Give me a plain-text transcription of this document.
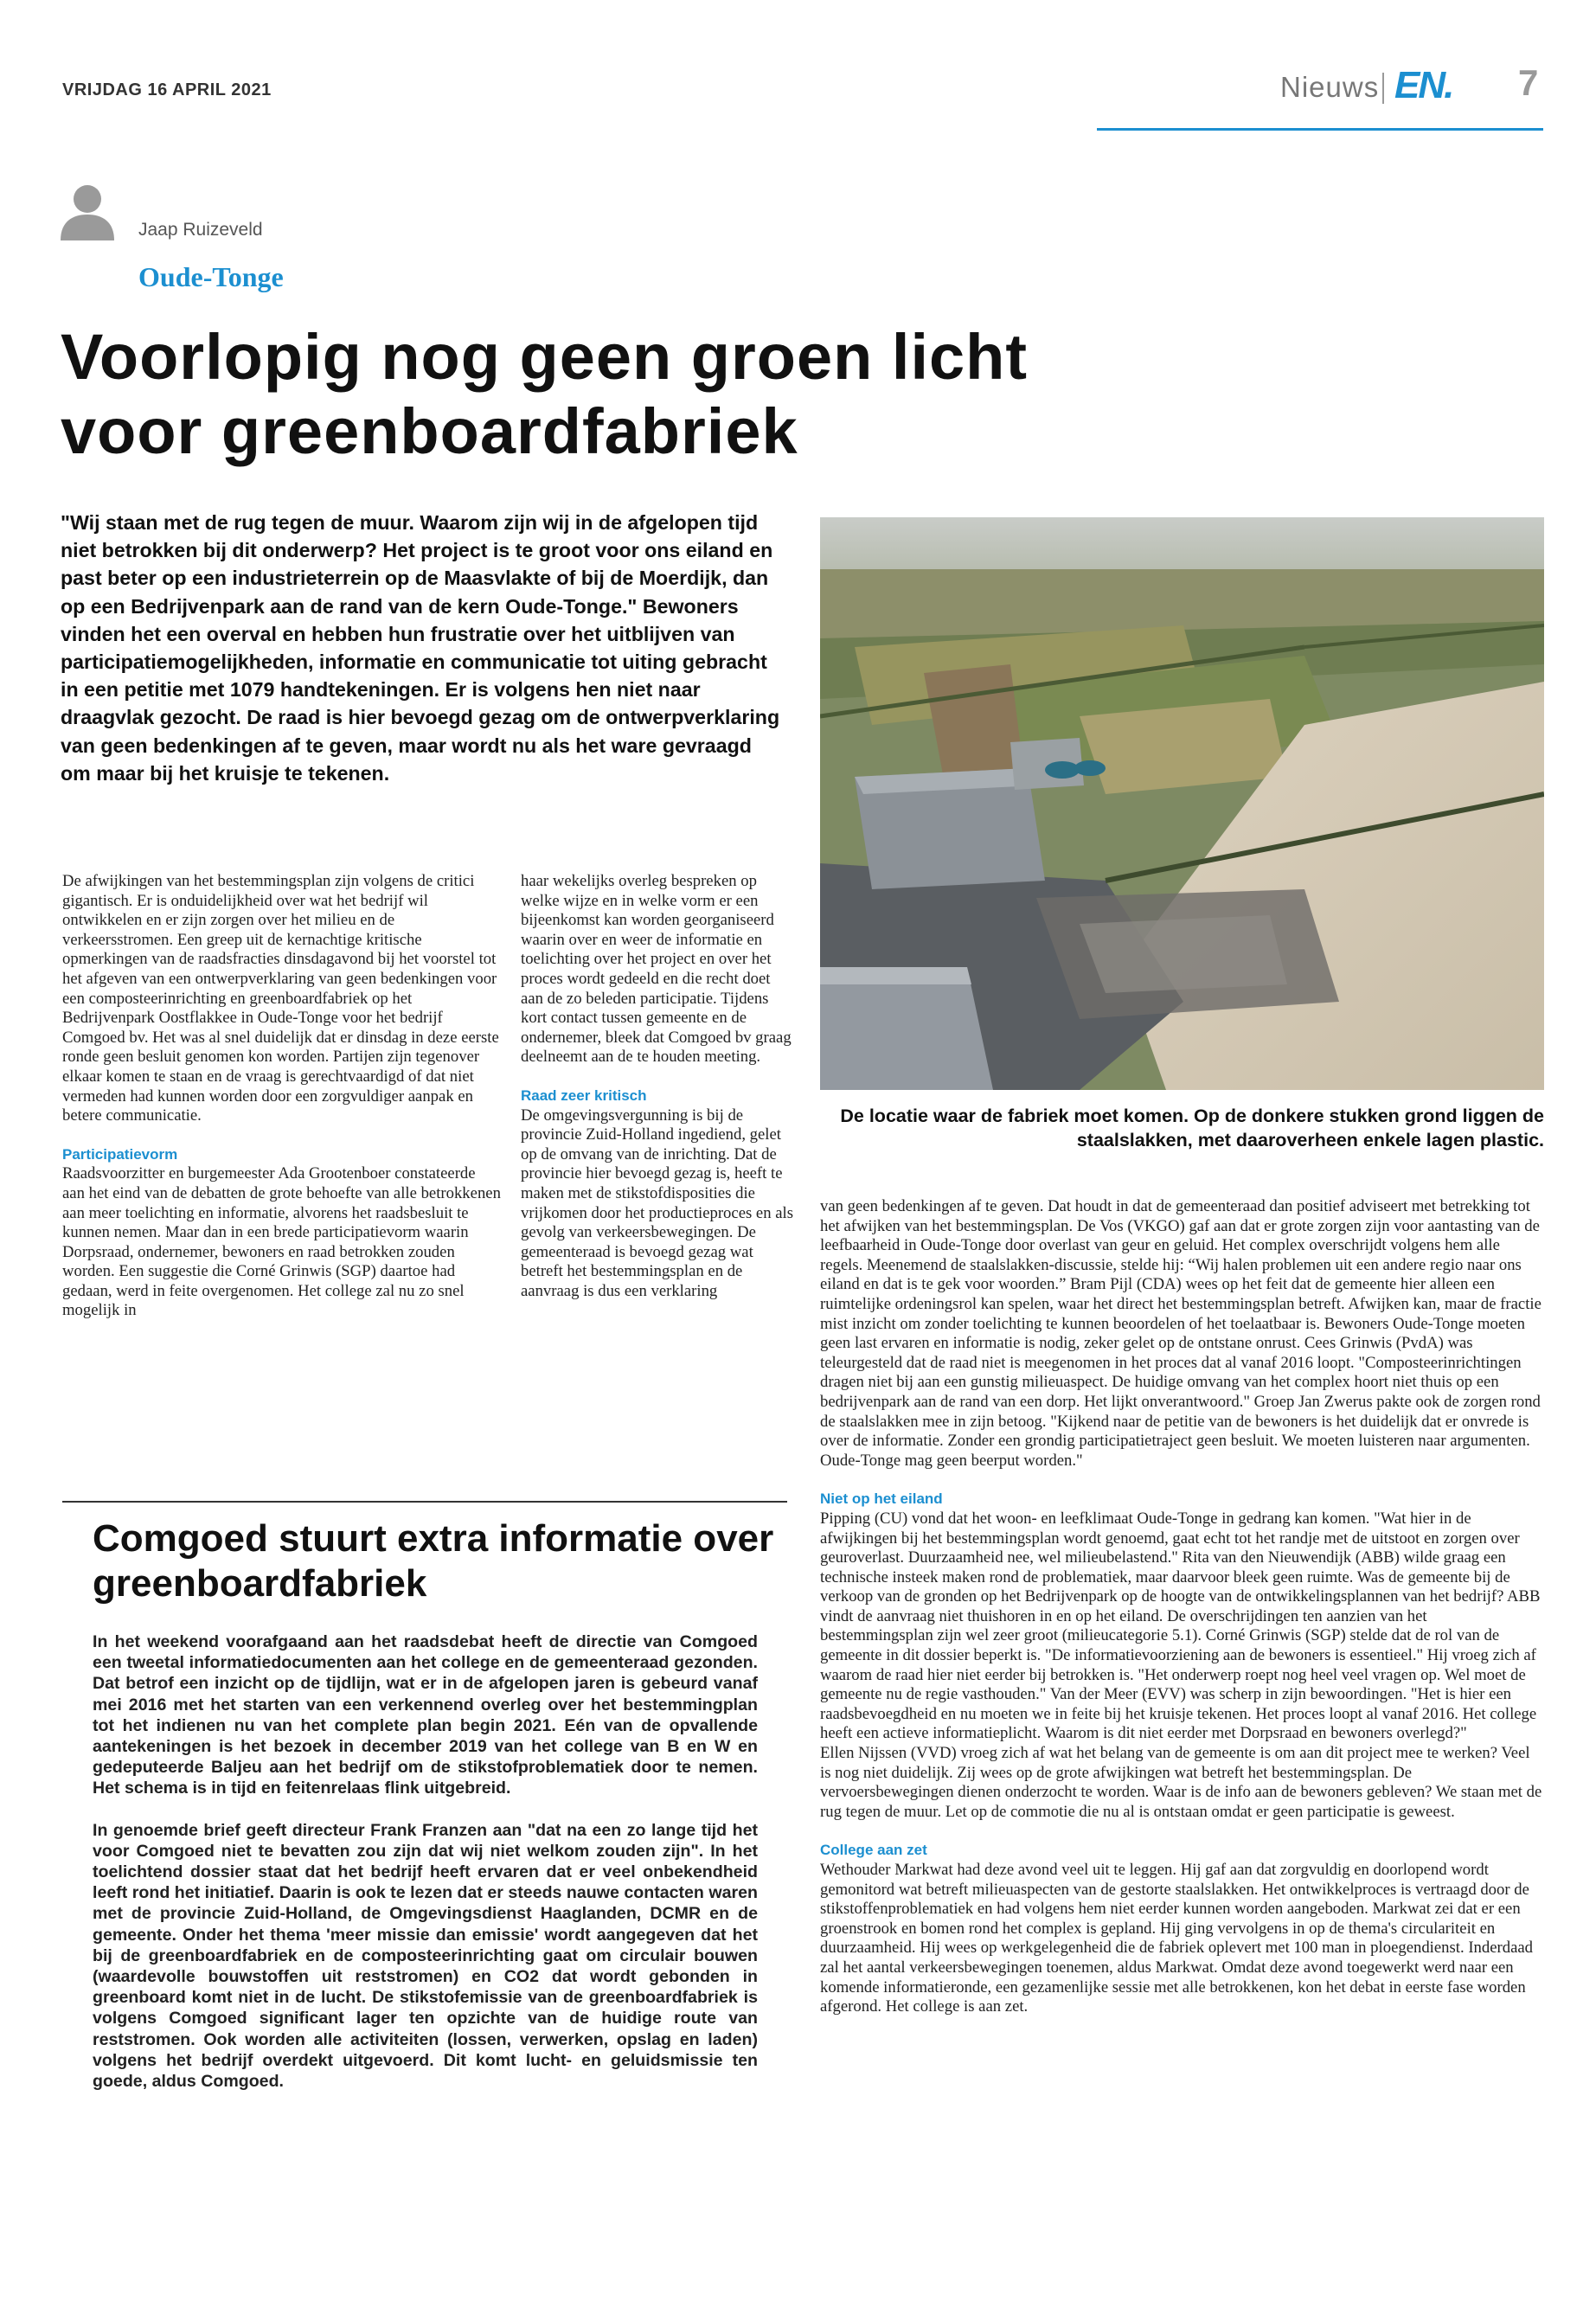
VRIJDAG 16 APRIL 2021	Nieuws EN. 7
Jaap Ruizeveld
Oude-Tonge
Voorlopig nog geen groen licht voor greenboardfabriek
"Wij staan met de rug tegen de muur. Waarom zijn wij in de afgelopen tijd niet betrokken bij dit onderwerp? Het project is te groot voor ons eiland en past beter op een industrieterrein op de Maasvlakte of bij de Moerdijk, dan op een Bedrijvenpark aan de rand van de kern Oude-Tonge." Bewoners vinden het een overval en hebben hun frustratie over het uitblijven van participatiemogelijkheden, informatie en communicatie tot uiting gebracht in een petitie met 1079 handtekeningen. Er is volgens hen niet naar draagvlak gezocht. De raad is hier bevoegd gezag om de ontwerpverklaring van geen bedenkingen af te geven, maar wordt nu als het ware gevraagd om maar bij het kruisje te tekenen.
De locatie waar de fabriek moet komen. Op de donkere stukken grond liggen de staalslakken, met daaroverheen enkele lagen plastic.

De afwijkingen van het bestemmingsplan zijn volgens de critici gigantisch. Er is onduidelijkheid over wat het bedrijf wil ontwikkelen en er zijn zorgen over het milieu en de verkeersstromen. Een greep uit de kernachtige kritische opmerkingen van de raadsfracties dinsdagavond bij het voorstel tot het afgeven van een ontwerpverklaring van geen bedenkingen voor een composteerinrichting en greenboardfabriek op het Bedrijvenpark Oostflakkee in Oude-Tonge voor het bedrijf Comgoed bv. Het was al snel duidelijk dat er dinsdag in deze eerste ronde geen besluit genomen kon worden. Partijen zijn tegenover elkaar komen te staan en de vraag is gerechtvaardigd of dat niet vermeden had kunnen worden door een zorgvuldiger aanpak en betere communicatie.

Participatievorm

Raadsvoorzitter en burgemeester Ada Grootenboer constateerde aan het eind van de debatten de grote behoefte van alle betrokkenen aan meer toelichting en informatie, alvorens het raadsbesluit te kunnen nemen. Maar dan in een brede participatievorm waarin Dorpsraad, ondernemer, bewoners en raad betrokken zouden worden. Een suggestie die Corné Grinwis (SGP) daartoe had gedaan, werd in feite overgenomen. Het college zal nu zo snel mogelijk in

haar wekelijks overleg bespreken op welke wijze en in welke vorm er een bijeenkomst kan worden georganiseerd waarin over en weer de informatie en toelichting over het project en over het proces wordt gedeeld en die recht doet aan de zo beleden participatie. Tijdens kort contact tussen gemeente en de ondernemer, bleek dat Comgoed bv graag deelneemt aan de te houden meeting.

Raad zeer kritisch

De omgevingsvergunning is bij de provincie Zuid-Holland ingediend, gelet op de omvang van de inrichting. Dat de provincie hier bevoegd gezag is, heeft te maken met de stikstofdisposities die vrijkomen door het productieproces en als gevolg van verkeersbewegingen. De gemeenteraad is bevoegd gezag wat betreft het bestemmingsplan en de aanvraag is dus een verklaring

van geen bedenkingen af te geven. Dat houdt in dat de gemeenteraad dan positief adviseert met betrekking tot het afwijken van het bestemmingsplan. De Vos (VKGO) gaf aan dat er grote zorgen zijn voor aantasting van de leefbaarheid in Oude-Tonge door overlast van geur en geluid. Het complex overschrijdt volgens hem alle regels. Meenemend de staalslakken-discussie, stelde hij: “Wij halen problemen uit een andere regio naar ons eiland en dat is te gek voor woorden.” Bram Pijl (CDA) wees op het feit dat de gemeente hier alleen een ruimtelijke ordeningsrol kan spelen, waar het direct het bestemmingsplan betreft. Afwijken kan, maar de fractie mist inzicht om zonder toelichting te kunnen beoordelen of het toelaatbaar is. Bewoners Oude-Tonge moeten geen last ervaren en informatie is nodig, zeker gelet op de ontstane onrust. Cees Grinwis (PvdA) was teleurgesteld dat de raad niet is meegenomen in het proces dat al vanaf 2016 loopt. "Composteerinrichtingen dragen niet bij aan een gunstig milieuaspect. De huidige omvang van het complex hoort niet thuis op een bedrijvenpark aan de rand van een dorp. Het lijkt onverantwoord." Groep Jan Zwerus pakte ook de zorgen rond de staalslakken mee in zijn betoog. "Kijkend naar de petitie van de bewoners is het duidelijk dat er onvrede is over de informatie. Zonder een grondig participatietraject geen besluit. We moeten luisteren naar argumenten. Oude-Tonge mag geen beerput worden."

Niet op het eiland

Pipping (CU) vond dat het woon- en leefklimaat Oude-Tonge in gedrang kan komen. "Wat hier in de afwijkingen bij het bestemmingsplan wordt genoemd, gaat echt tot het randje met de uitstoot en zorgen over geuroverlast. Duurzaamheid nee, wel milieubelastend." Rita van den Nieuwendijk (ABB) wilde graag een technische insteek maken rond de problematiek, maar daarvoor bleek geen ruimte. Was de gemeente bij de verkoop van de gronden op het Bedrijvenpark op de hoogte van de ontwikkelingsplannen van het bedrijf? ABB vindt de aanvraag niet thuishoren in en op het eiland. De overschrijdingen ten aanzien van het bestemmingsplan zijn wel zeer groot (milieucategorie 5.1). Corné Grinwis (SGP) stelde dat de rol van de gemeente in dit dossier beperkt is. "De informatievoorziening aan de bewoners is essentieel." Hij vroeg zich af waarom de raad hier niet eerder bij betrokken is. "Het onderwerp roept nog heel veel vragen op. Wel moet de gemeente nu de regie vasthouden." Van der Meer (EVV) was scherp in zijn bewoordingen. "Het is hier een raadsbevoegdheid en nu moeten we in feite bij het kruisje tekenen. Het proces loopt al vanaf 2016. Het college heeft een actieve informatieplicht. Waarom is dit niet eerder met Dorpsraad en bewoners overlegd?"

Ellen Nijssen (VVD) vroeg zich af wat het belang van de gemeente is om aan dit project mee te werken? Veel is nog niet duidelijk. Zij wees op de grote afwijkingen wat betreft het bestemmingsplan. De vervoersbewegingen dienen onderzocht te worden. Waar is de info aan de bewoners gebleven? We staan met de rug tegen de muur. Let op de commotie die nu al is ontstaan omdat er geen participatie is geweest.

College aan zet

Wethouder Markwat had deze avond veel uit te leggen. Hij gaf aan dat zorgvuldig en doorlopend wordt gemonitord wat betreft milieuaspecten van de gestorte staalslakken. Het ontwikkelproces is vertraagd door de stikstoffenproblematiek en had volgens hem niet eerder kunnen worden aangeboden. Markwat zei dat er een groenstrook en bomen rond het complex is gepland. Hij ging vervolgens in op de thema's circulariteit en duurzaamheid. Hij wees op werkgelegenheid die de fabriek oplevert met 100 man in ploegendienst. Inderdaad zal het aantal verkeersbewegingen toenemen, aldus Markwat. Omdat deze avond toegewerkt werd naar een komende informatieronde, een gezamenlijke sessie met alle betrokkenen, kon het debat in eerste fase worden afgerond. Het college is aan zet.

Comgoed stuurt extra informatie over greenboardfabriek

In het weekend voorafgaand aan het raadsdebat heeft de directie van Comgoed een tweetal informatiedocumenten aan het college en de gemeenteraad gezonden. Dat betrof een inzicht op de tijdlijn, wat er in de afgelopen jaren is gebeurd vanaf mei 2016 met het starten van een verkennend overleg over het bestemmingplan tot het indienen nu van het complete plan begin 2021. Eén van de opvallende aantekeningen is het bezoek in december 2019 van het college van B en W en gedeputeerde Baljeu aan het bedrijf om de stikstofproblematiek door te nemen. Het schema is in tijd en feitenrelaas flink uitgebreid.

In genoemde brief geeft directeur Frank Franzen aan "dat na een zo lange tijd het voor Comgoed niet te bevatten zou zijn dat wij niet welkom zouden zijn". In het toelichtend dossier staat dat het bedrijf heeft ervaren dat er veel onbekendheid leeft rond het initiatief. Daarin is ook te lezen dat er steeds nauwe contacten waren met de provincie Zuid-Holland, de Omgevingsdienst Haaglanden, DCMR en de gemeente. Onder het thema 'meer missie dan emissie' wordt aangegeven dat het bij de greenboardfabriek en de composteerinrichting gaat om circulair bouwen (waardevolle bouwstoffen uit reststromen) en CO2 dat wordt gebonden in greenboard komt niet in de lucht. De stikstofemissie van de greenboardfabriek is volgens Comgoed significant lager ten opzichte van de huidige route van reststromen. Ook worden alle activiteiten (lossen, verwerken, opslag en laden) volgens het bedrijf overdekt uitgevoerd. Dit komt lucht- en geluidsmissie ten goede, aldus Comgoed.
